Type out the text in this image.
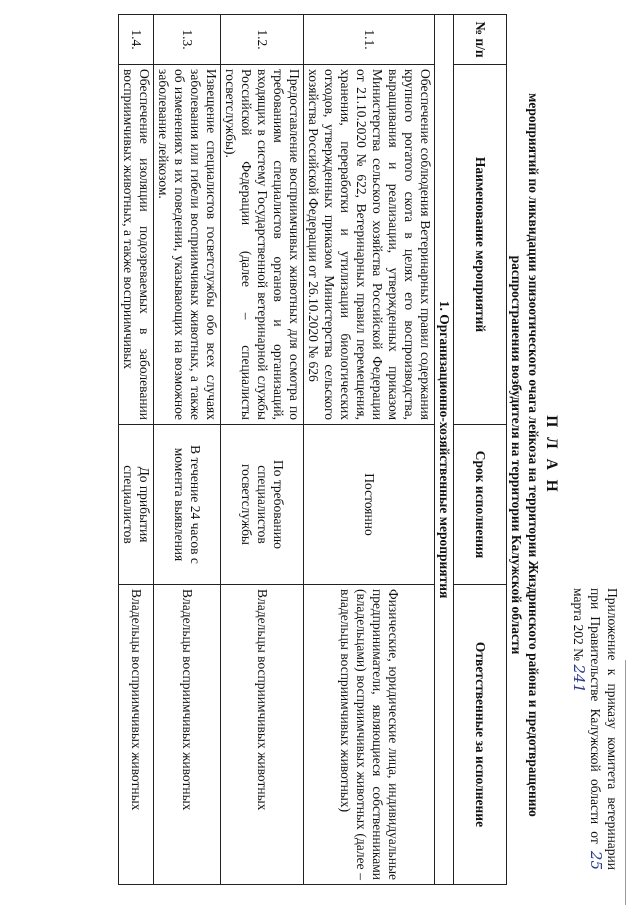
Приложение к приказу комитета ветеринарии при Правительстве Калужской области от 25 марта 202 № 241
П Л А Н
мероприятий по ликвидации эпизоотического очага лейкоза на территории Жиздринского района и предотвращению
распространения возбудителя на территории Калужской области
№ п/п	Наименование мероприятий	Срок исполнения	Ответственные за исполнение
1. Организационно-хозяйственные мероприятия			
1.1.	Обеспечение соблюдения Ветеринарных правил содержания крупного рогатого скота в целях его воспроизводства, выращивания и реализации, утвержденных приказом Министерства сельского хозяйства Российской Федерации от 21.10.2020 № 622, Ветеринарных правил перемещения, хранения, переработки и утилизации биологических отходов, утвержденных приказом Министерства сельского хозяйства Российской Федерации от 26.10.2020 № 626	Постоянно	Физические, юридические лица, индивидуальные предприниматели, являющиеся собственниками (владельцами) восприимчивых животных (далее – владельцы восприимчивых животных)
1.2.	Предоставление восприимчивых животных для осмотра по требованиям специалистов органов и организаций, входящих в систему Государственной ветеринарной службы Российской Федерации (далее – специалисты госветслужбы).	По требованию специалистов госветслужбы	Владельцы восприимчивых животных
1.3.	Извещение специалистов госветслужбы обо всех случаях заболевания или гибели восприимчивых животных, а также об изменениях в их поведении, указывающих на возможное заболевание лейкозом.	В течение 24 часов с момента выявления	Владельцы восприимчивых животных
1.4.	Обеспечение изоляции подозреваемых в заболевании восприимчивых животных, а также восприимчивых	До прибытия специалистов	Владельцы восприимчивых животных
